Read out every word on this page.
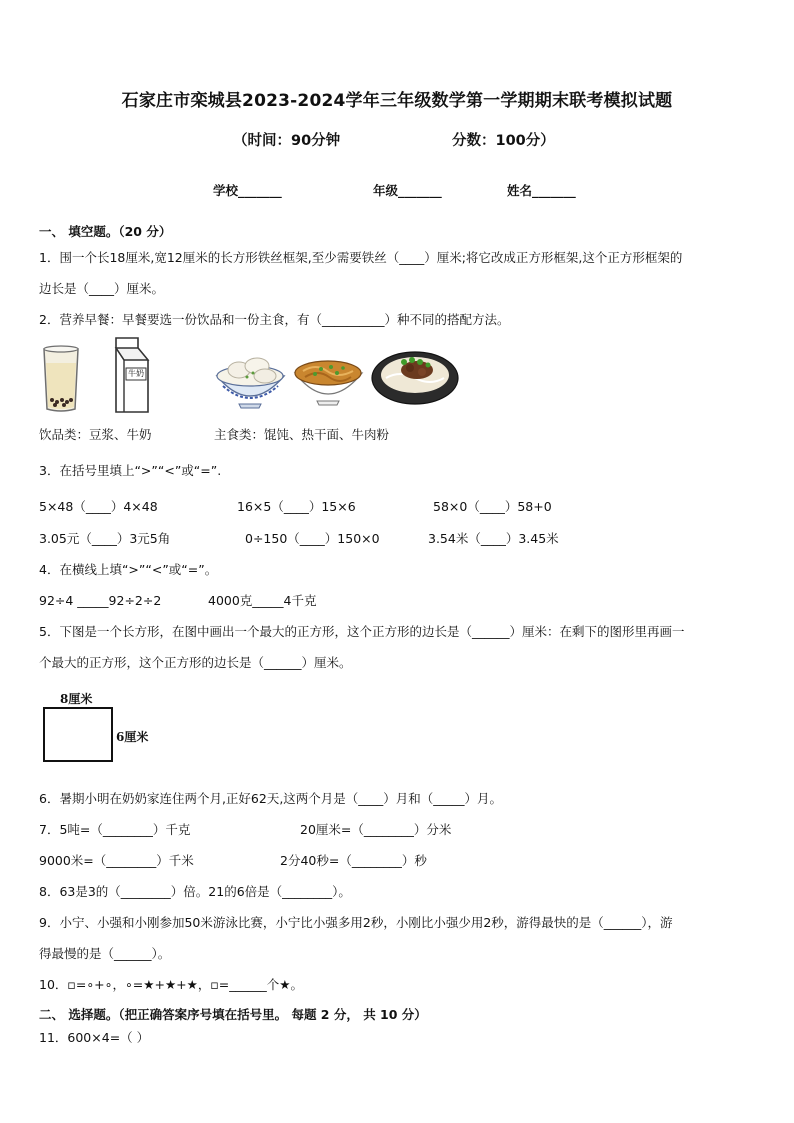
石家庄市栾城县2023-2024学年三年级数学第一学期期末联考模拟试题
（时间：90分钟	分数：100分）
学校_______	年级_______	姓名_______
一、 填空题。（20 分）
1．围一个长18厘米,宽12厘米的长方形铁丝框架,至少需要铁丝（____）厘米;将它改成正方形框架,这个正方形框架的
边长是（____）厘米。
2．营养早餐：早餐要选一份饮品和一份主食，有（__________）种不同的搭配方法。
牛奶
饮品类：豆浆、牛奶	主食类：馄饨、热干面、牛肉粉
3．在括号里填上“>”“<”或“=”.
5×48（____）4×48	16×5（____）15×6	58×0（____）58+0
3.05元（____）3元5角	0÷150（____）150×0	3.54米（____）3.45米
4．在横线上填“>”“<”或“=”。
92÷4 _____92÷2÷2	4000克_____4千克
5．下图是一个长方形，在图中画出一个最大的正方形，这个正方形的边长是（______）厘米：在剩下的图形里再画一
个最大的正方形，这个正方形的边长是（______）厘米。
8厘米
6厘米
6．暑期小明在奶奶家连住两个月,正好62天,这两个月是（____）月和（_____）月。
7．5吨=（________）千克	20厘米=（________）分米
9000米=（________）千米	2分40秒=（________）秒
8．63是3的（________）倍。21的6倍是（________）。
9．小宁、小强和小刚参加50米游泳比赛，小宁比小强多用2秒，小刚比小强少用2秒，游得最快的是（______），游
得最慢的是（______）。
10．▫=∘+∘，∘=★+★+★，▫=______个★。
二、 选择题。（把正确答案序号填在括号里。 每题 2 分， 共 10 分）
11．600×4=（ ）
